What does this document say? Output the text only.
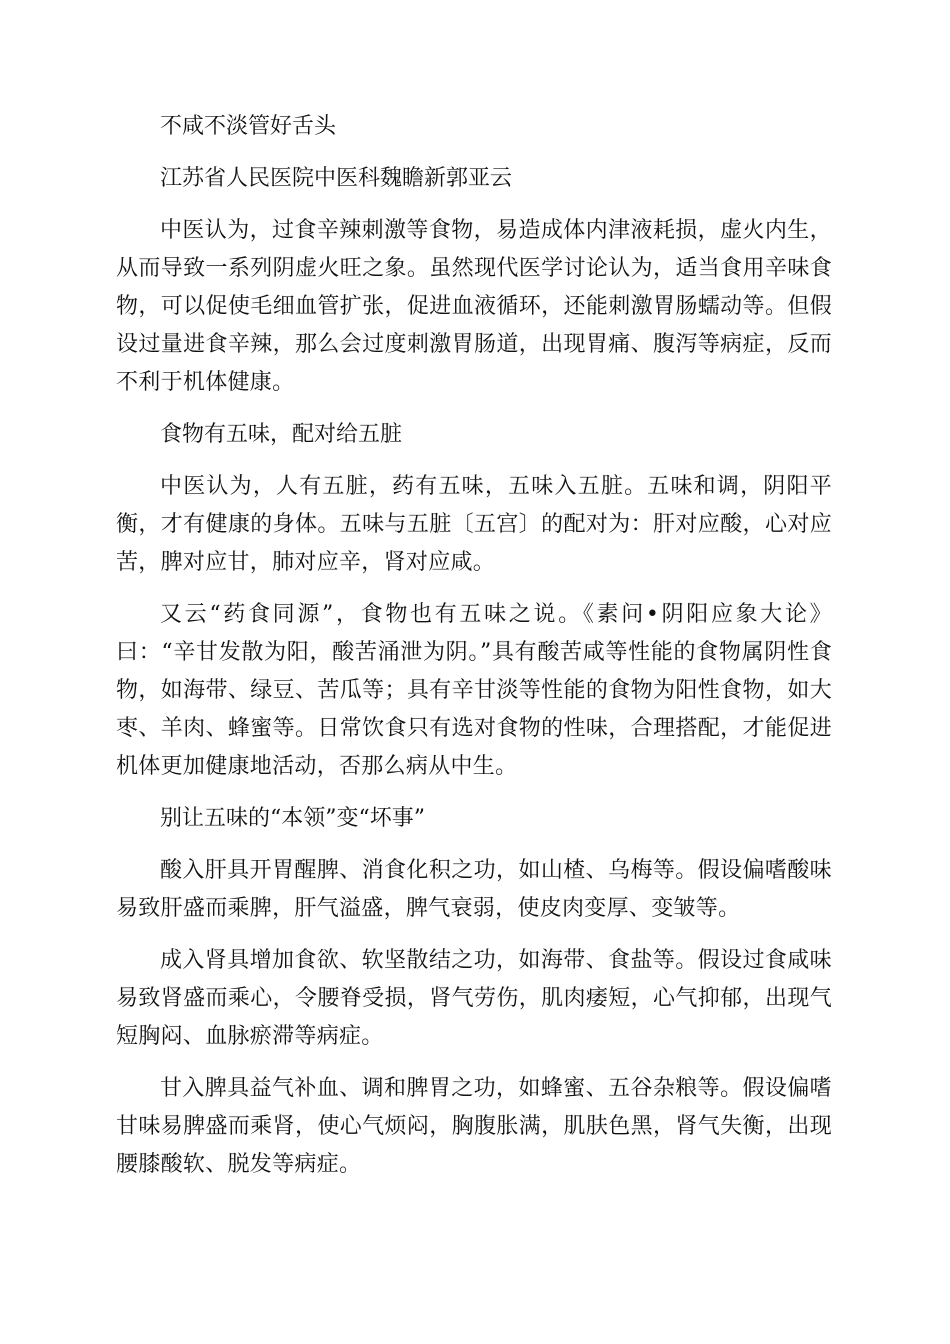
不咸不淡管好舌头

江苏省人民医院中医科魏瞻新郭亚云

中医认为，过食辛辣刺激等食物，易造成体内津液耗损，虚火内生，从而导致一系列阴虚火旺之象。虽然现代医学讨论认为，适当食用辛味食物，可以促使毛细血管扩张，促进血液循环，还能刺激胃肠蠕动等。但假设过量进食辛辣，那么会过度刺激胃肠道，出现胃痛、腹泻等病症，反而不利于机体健康。

食物有五味，配对给五脏

中医认为，人有五脏，药有五味，五味入五脏。五味和调，阴阳平衡，才有健康的身体。五味与五脏〔五宫〕的配对为：肝对应酸，心对应苦，脾对应甘，肺对应辛，肾对应咸。

又云“药食同源”，食物也有五味之说。《素问•阴阳应象大论》曰：“辛甘发散为阳，酸苦涌泄为阴。”具有酸苦咸等性能的食物属阴性食物，如海带、绿豆、苦瓜等；具有辛甘淡等性能的食物为阳性食物，如大枣、羊肉、蜂蜜等。日常饮食只有选对食物的性味，合理搭配，才能促进机体更加健康地活动，否那么病从中生。

别让五味的“本领”变“坏事”

酸入肝具开胃醒脾、消食化积之功，如山楂、乌梅等。假设偏嗜酸味易致肝盛而乘脾，肝气溢盛，脾气衰弱，使皮肉变厚、变皱等。

成入肾具增加食欲、软坚散结之功，如海带、食盐等。假设过食咸味易致肾盛而乘心，令腰脊受损，肾气劳伤，肌肉痿短，心气抑郁，出现气短胸闷、血脉瘀滞等病症。

甘入脾具益气补血、调和脾胃之功，如蜂蜜、五谷杂粮等。假设偏嗜甘味易脾盛而乘肾，使心气烦闷，胸腹胀满，肌肤色黑，肾气失衡，出现腰膝酸软、脱发等病症。
